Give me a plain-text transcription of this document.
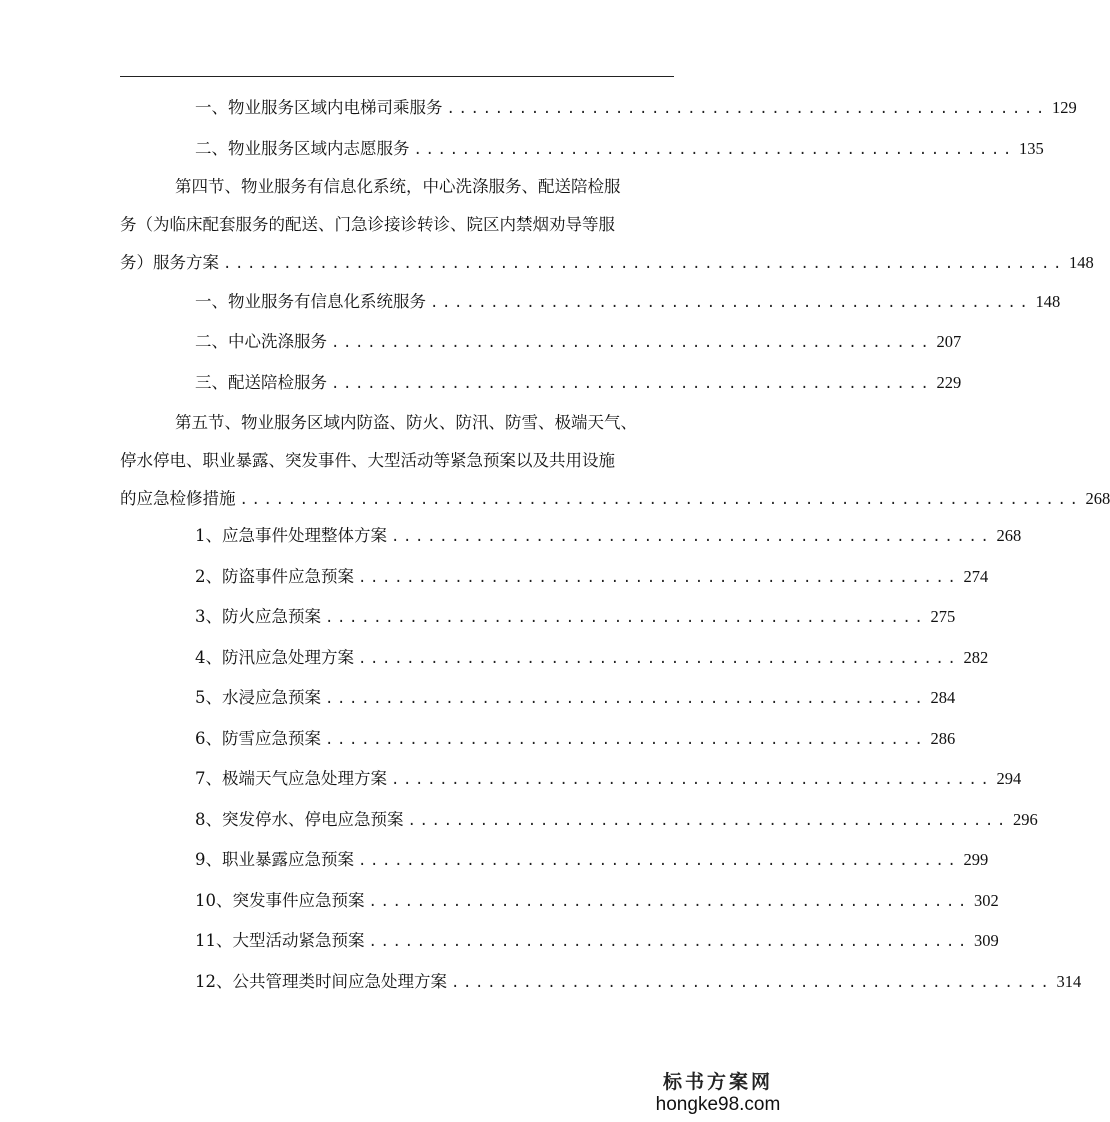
一、物业服务区域内电梯司乘服务 .................................................. 129
二、物业服务区域内志愿服务 .................................................. 135
第四节、物业服务有信息化系统，中心洗涤服务、配送陪检服
务（为临床配套服务的配送、门急诊接诊转诊、院区内禁烟劝导等服
务）服务方案 ...................................................................... 148
一、物业服务有信息化系统服务 .................................................. 148
二、中心洗涤服务 .................................................. 207
三、配送陪检服务 .................................................. 229
第五节、物业服务区域内防盗、防火、防汛、防雪、极端天气、
停水停电、职业暴露、突发事件、大型活动等紧急预案以及共用设施
的应急检修措施 ...................................................................... 268
1、应急事件处理整体方案 .................................................. 268
2、防盗事件应急预案 .................................................. 274
3、防火应急预案 .................................................. 275
4、防汛应急处理方案 .................................................. 282
5、水浸应急预案 .................................................. 284
6、防雪应急预案 .................................................. 286
7、极端天气应急处理方案 .................................................. 294
8、突发停水、停电应急预案 .................................................. 296
9、职业暴露应急预案 .................................................. 299
10、突发事件应急预案 .................................................. 302
11、大型活动紧急预案 .................................................. 309
12、公共管理类时间应急处理方案 .................................................. 314
标书方案网
hongke98.com
